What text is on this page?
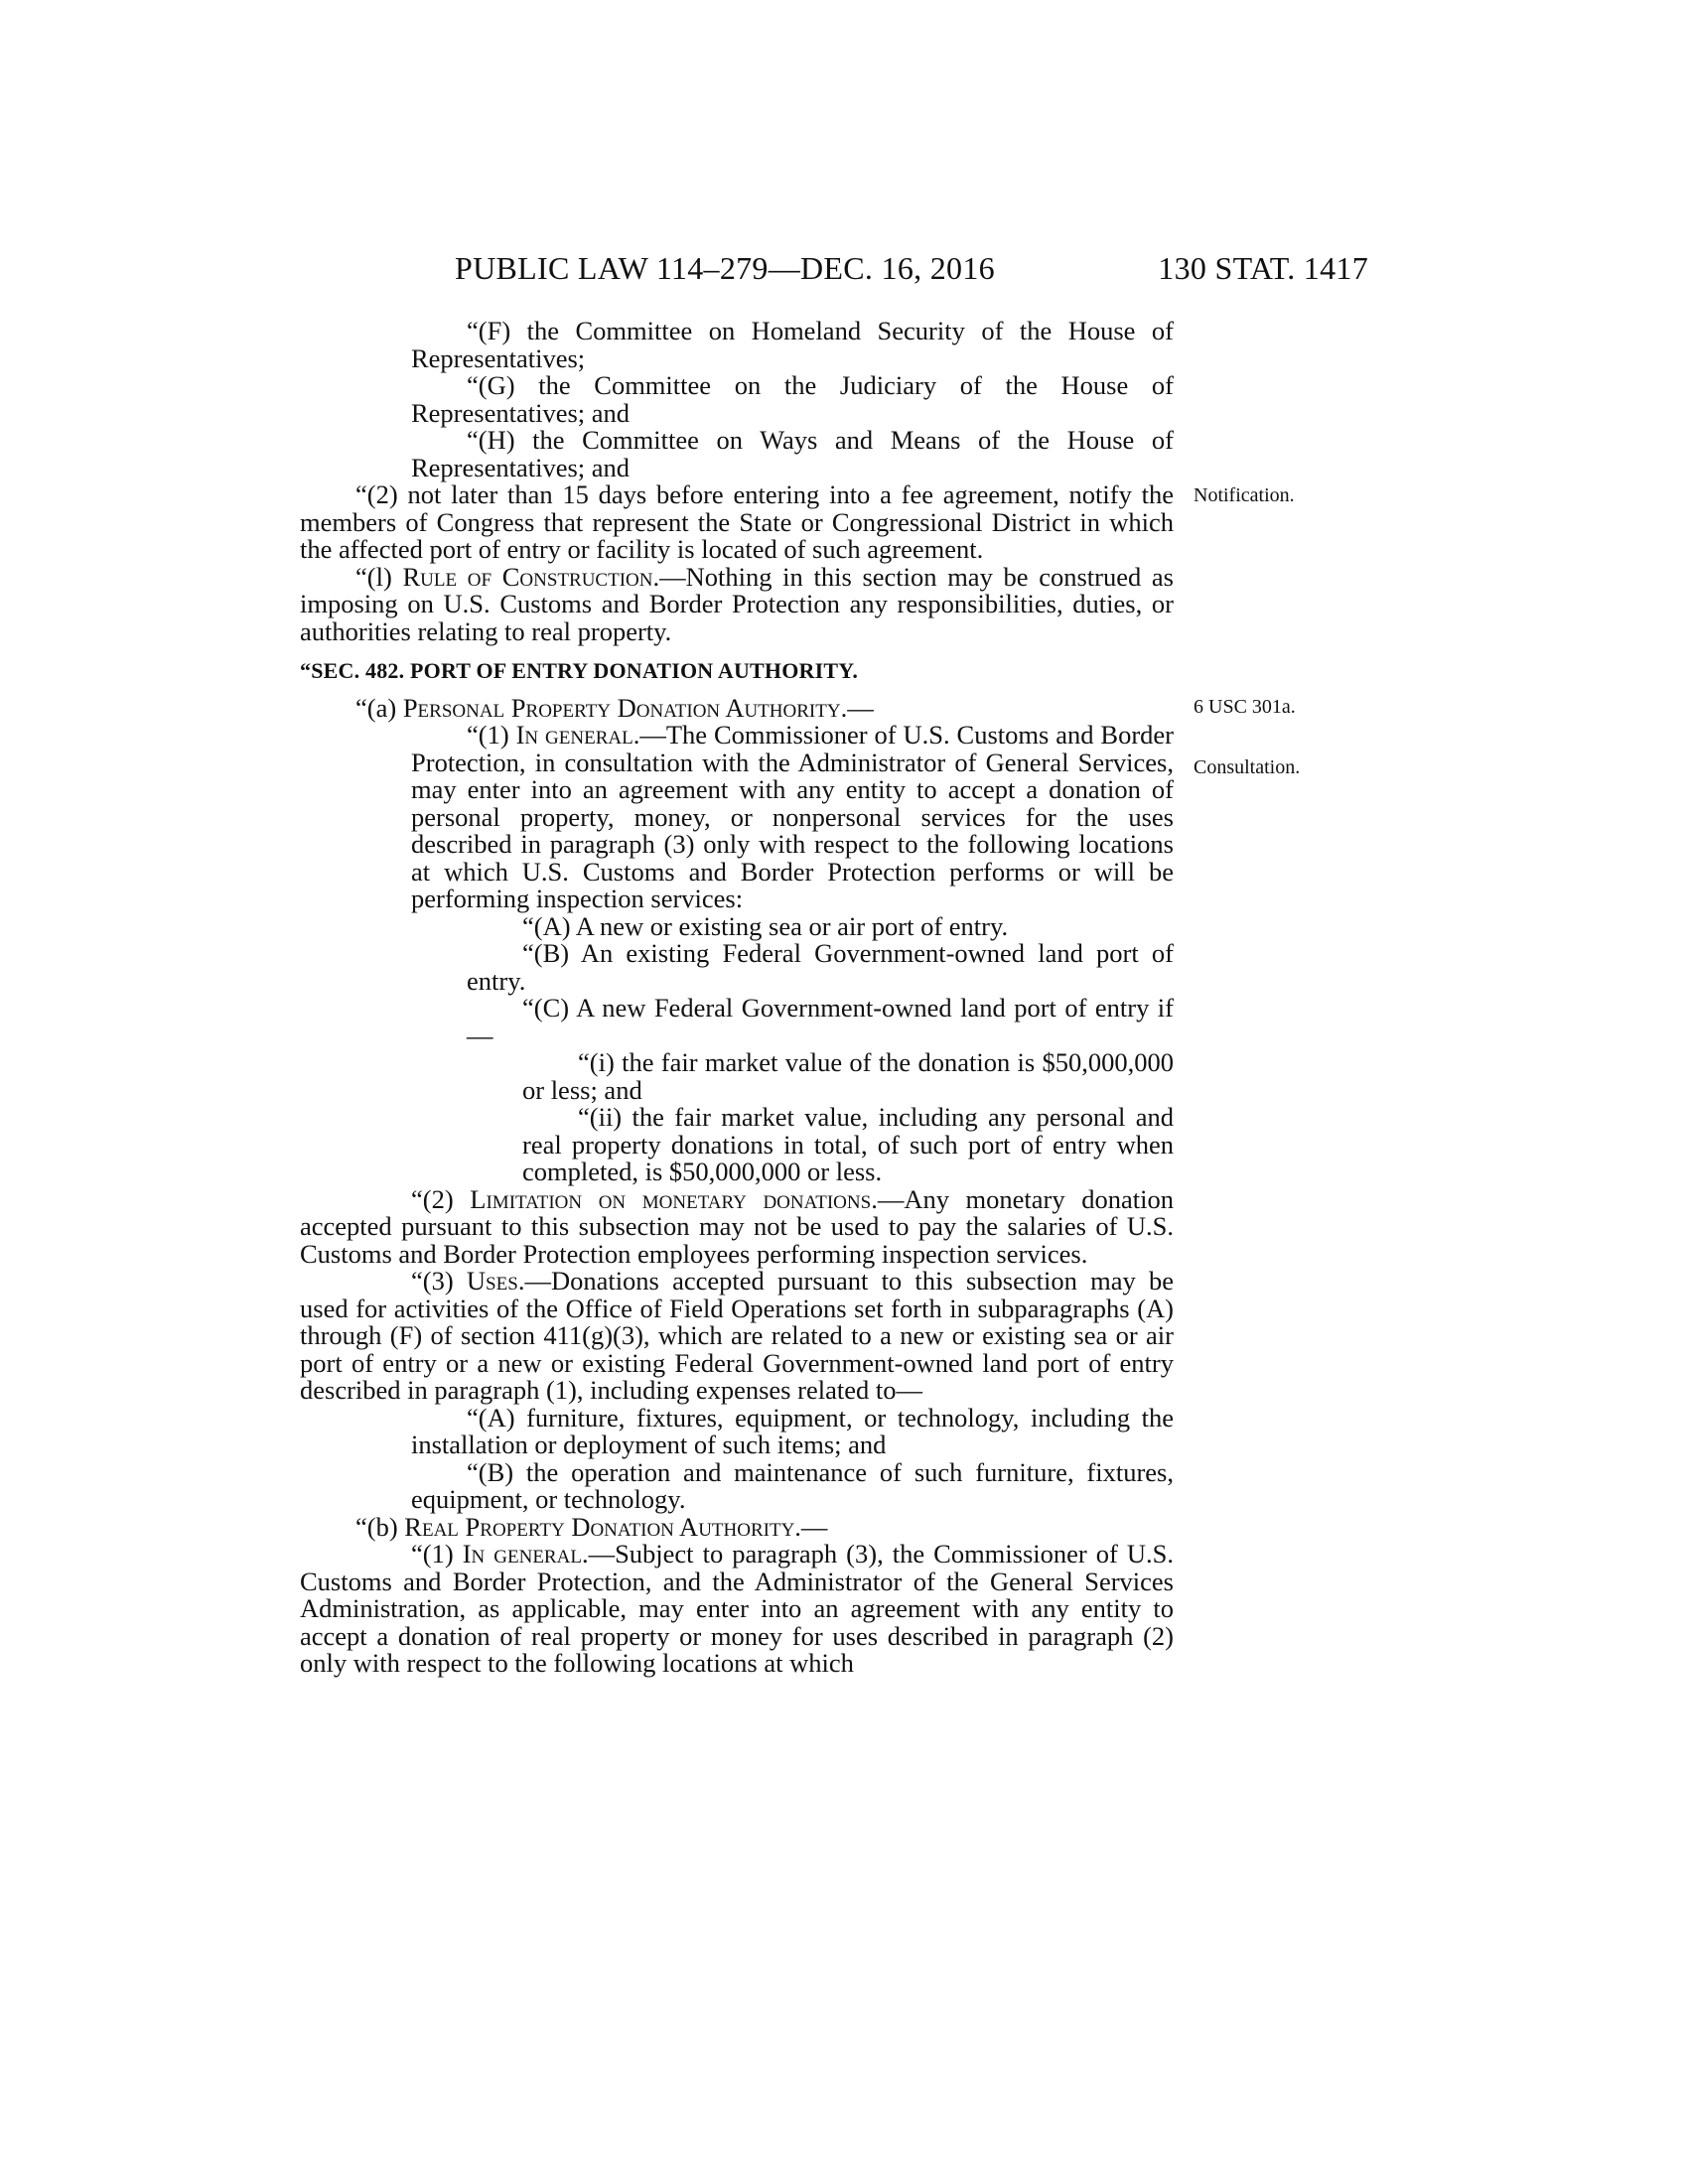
PUBLIC LAW 114–279—DEC. 16, 2016	130 STAT. 1417

“(F) the Committee on Homeland Security of the House of Representatives;

“(G) the Committee on the Judiciary of the House of Representatives; and

“(H) the Committee on Ways and Means of the House of Representatives; and

“(2) not later than 15 days before entering into a fee agreement, notify the members of Congress that represent the State or Congressional District in which the affected port of entry or facility is located of such agreement.

“(l) Rule of Construction.—Nothing in this section may be construed as imposing on U.S. Customs and Border Protection any responsibilities, duties, or authorities relating to real property.

“SEC. 482. PORT OF ENTRY DONATION AUTHORITY.

“(a) Personal Property Donation Authority.—

“(1) In general.—The Commissioner of U.S. Customs and Border Protection, in consultation with the Administrator of General Services, may enter into an agreement with any entity to accept a donation of personal property, money, or nonpersonal services for the uses described in paragraph (3) only with respect to the following locations at which U.S. Customs and Border Protection performs or will be performing inspection services:

“(A) A new or existing sea or air port of entry.

“(B) An existing Federal Government-owned land port of entry.

“(C) A new Federal Government-owned land port of entry if—

“(i) the fair market value of the donation is $50,000,000 or less; and

“(ii) the fair market value, including any personal and real property donations in total, of such port of entry when completed, is $50,000,000 or less.

“(2) Limitation on monetary donations.—Any monetary donation accepted pursuant to this subsection may not be used to pay the salaries of U.S. Customs and Border Protection employees performing inspection services.

“(3) Uses.—Donations accepted pursuant to this subsection may be used for activities of the Office of Field Operations set forth in subparagraphs (A) through (F) of section 411(g)(3), which are related to a new or existing sea or air port of entry or a new or existing Federal Government-owned land port of entry described in paragraph (1), including expenses related to—

“(A) furniture, fixtures, equipment, or technology, including the installation or deployment of such items; and

“(B) the operation and maintenance of such furniture, fixtures, equipment, or technology.

“(b) Real Property Donation Authority.—

“(1) In general.—Subject to paragraph (3), the Commissioner of U.S. Customs and Border Protection, and the Administrator of the General Services Administration, as applicable, may enter into an agreement with any entity to accept a donation of real property or money for uses described in paragraph (2) only with respect to the following locations at which

Notification.
6 USC 301a.
Consultation.
